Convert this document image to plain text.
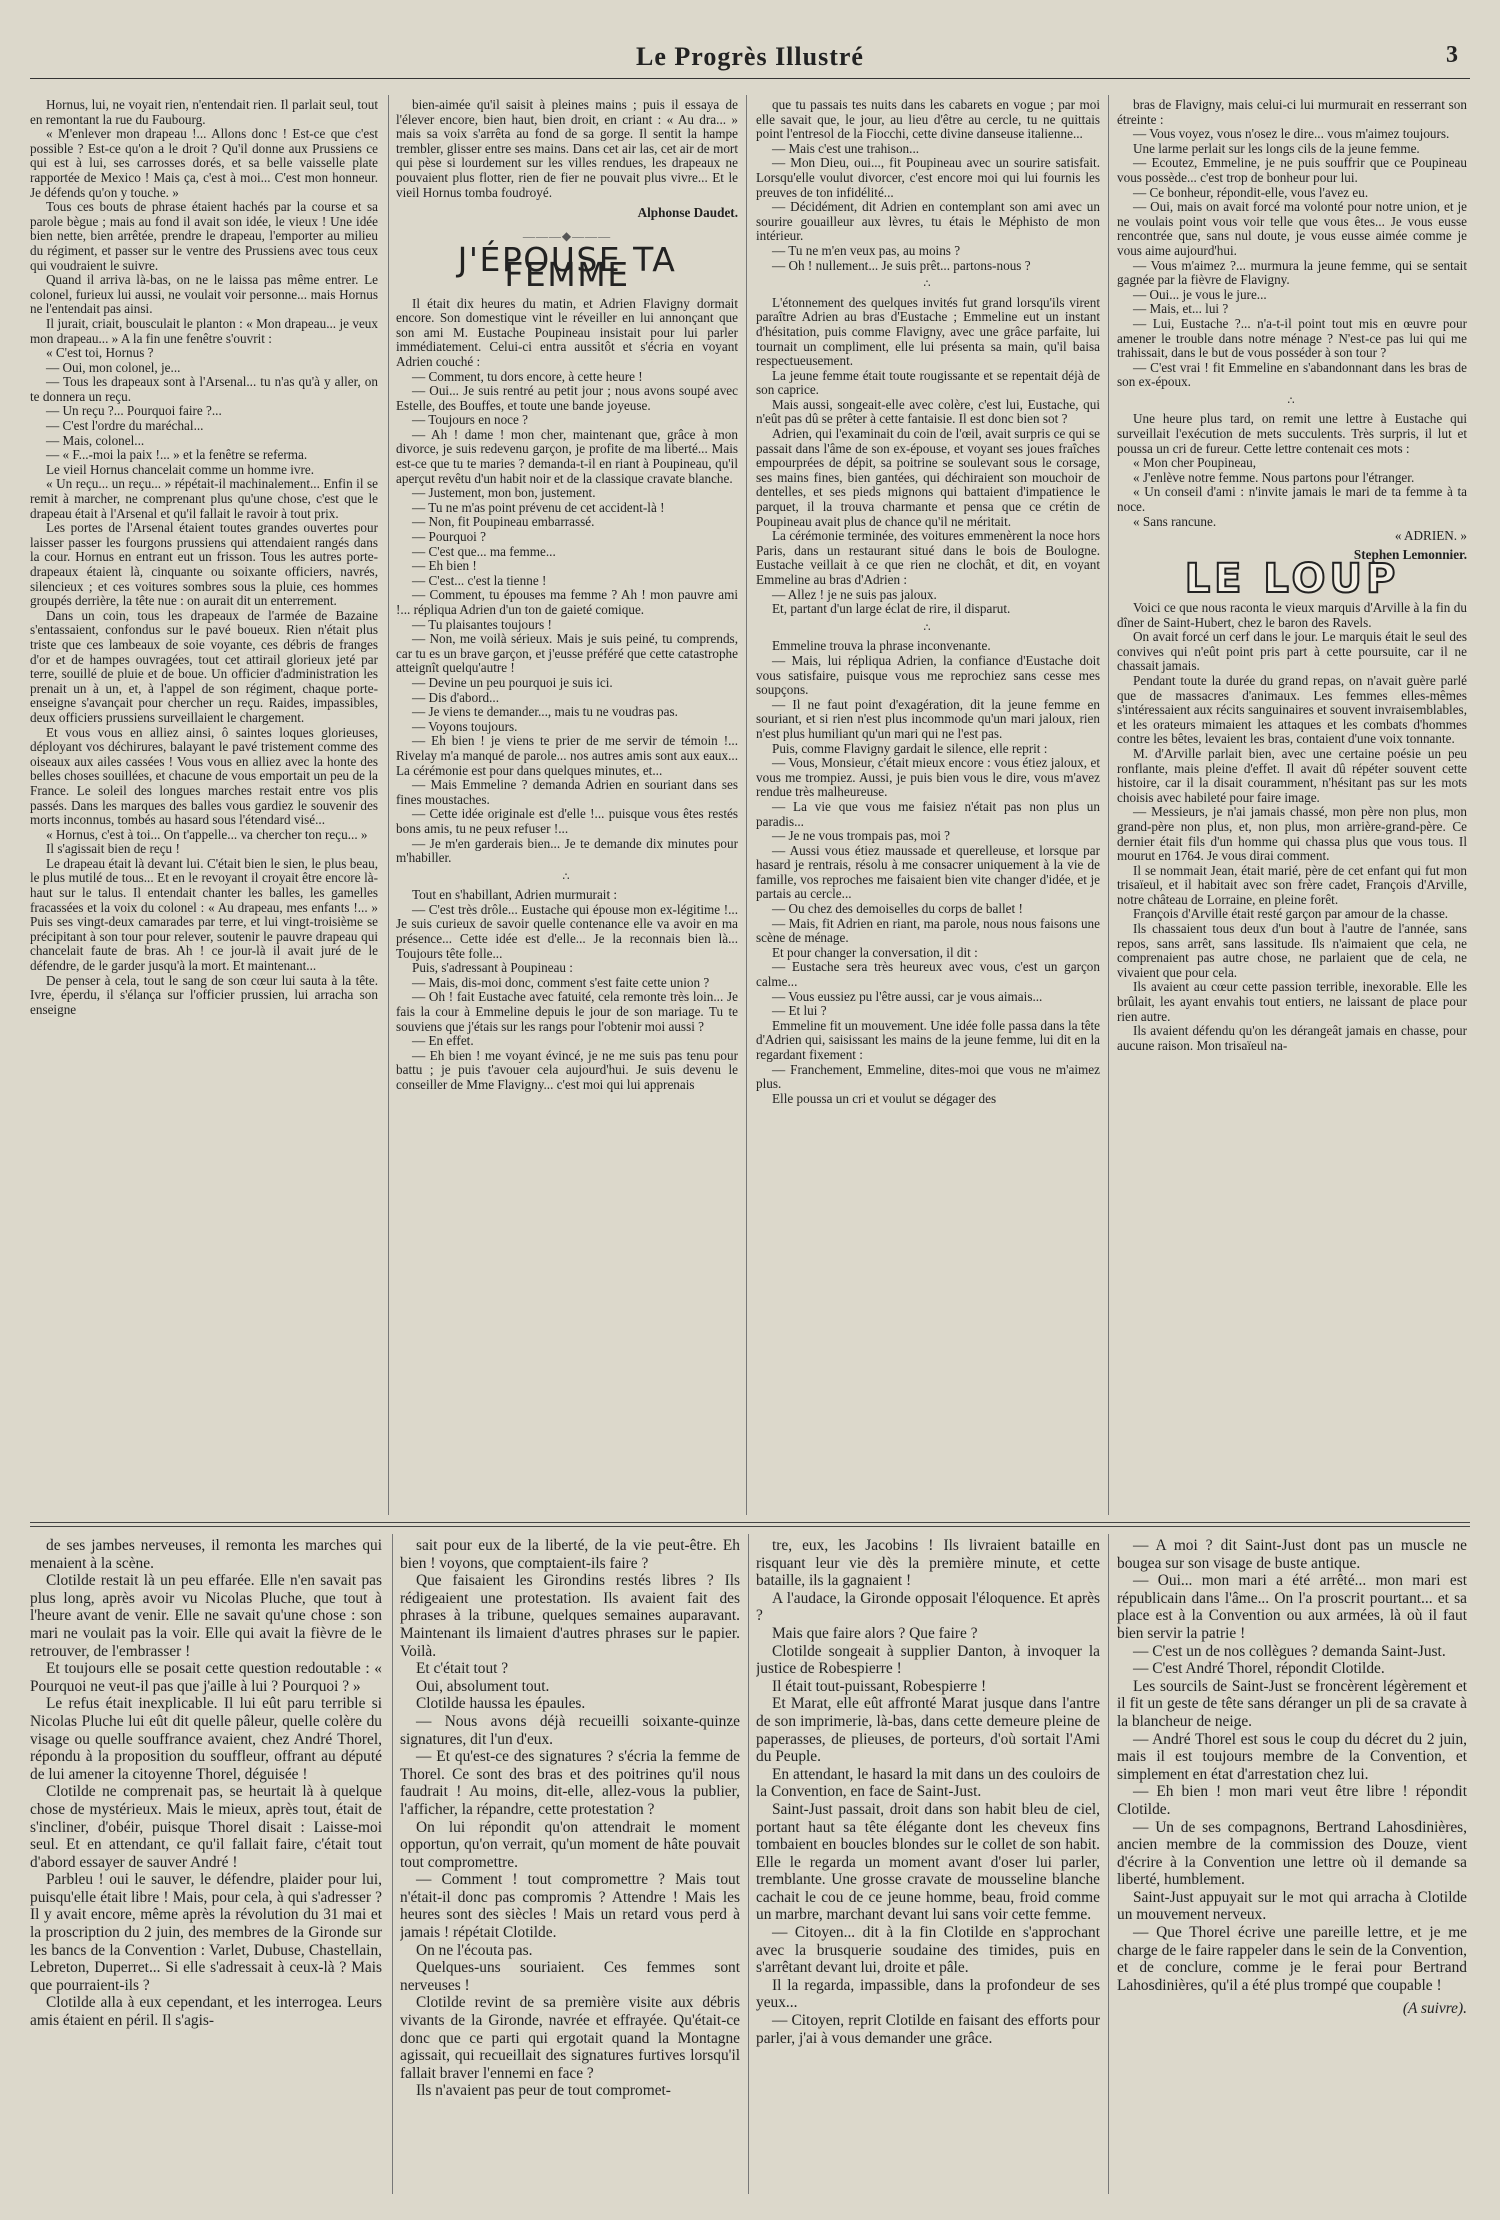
Le Progrès Illustré	3

Hornus, lui, ne voyait rien, n'entendait rien. Il parlait seul, tout en remontant la rue du Faubourg.

« M'enlever mon drapeau !... Allons donc ! Est-ce que c'est possible ? Est-ce qu'on a le droit ? Qu'il donne aux Prussiens ce qui est à lui, ses carrosses dorés, et sa belle vaisselle plate rapportée de Mexico ! Mais ça, c'est à moi... C'est mon honneur. Je défends qu'on y touche. »

Tous ces bouts de phrase étaient hachés par la course et sa parole bègue ; mais au fond il avait son idée, le vieux ! Une idée bien nette, bien arrêtée, prendre le drapeau, l'emporter au milieu du régiment, et passer sur le ventre des Prussiens avec tous ceux qui voudraient le suivre.

Quand il arriva là-bas, on ne le laissa pas même entrer. Le colonel, furieux lui aussi, ne voulait voir personne... mais Hornus ne l'entendait pas ainsi.

Il jurait, criait, bousculait le planton : « Mon drapeau... je veux mon drapeau... » A la fin une fenêtre s'ouvrit :

« C'est toi, Hornus ?

— Oui, mon colonel, je...

— Tous les drapeaux sont à l'Arsenal... tu n'as qu'à y aller, on te donnera un reçu.

— Un reçu ?... Pourquoi faire ?...

— C'est l'ordre du maréchal...

— Mais, colonel...

— « F...-moi la paix !... » et la fenêtre se referma.

Le vieil Hornus chancelait comme un homme ivre.

« Un reçu... un reçu... » répétait-il machinalement... Enfin il se remit à marcher, ne comprenant plus qu'une chose, c'est que le drapeau était à l'Arsenal et qu'il fallait le ravoir à tout prix.

Les portes de l'Arsenal étaient toutes grandes ouvertes pour laisser passer les fourgons prussiens qui attendaient rangés dans la cour. Hornus en entrant eut un frisson. Tous les autres porte-drapeaux étaient là, cinquante ou soixante officiers, navrés, silencieux ; et ces voitures sombres sous la pluie, ces hommes groupés derrière, la tête nue : on aurait dit un enterrement.

Dans un coin, tous les drapeaux de l'armée de Bazaine s'entassaient, confondus sur le pavé boueux. Rien n'était plus triste que ces lambeaux de soie voyante, ces débris de franges d'or et de hampes ouvragées, tout cet attirail glorieux jeté par terre, souillé de pluie et de boue. Un officier d'administration les prenait un à un, et, à l'appel de son régiment, chaque porte-enseigne s'avançait pour chercher un reçu. Raides, impassibles, deux officiers prussiens surveillaient le chargement.

Et vous vous en alliez ainsi, ô saintes loques glorieuses, déployant vos déchirures, balayant le pavé tristement comme des oiseaux aux ailes cassées ! Vous vous en alliez avec la honte des belles choses souillées, et chacune de vous emportait un peu de la France. Le soleil des longues marches restait entre vos plis passés. Dans les marques des balles vous gardiez le souvenir des morts inconnus, tombés au hasard sous l'étendard visé...

« Hornus, c'est à toi... On t'appelle... va chercher ton reçu... »

Il s'agissait bien de reçu !

Le drapeau était là devant lui. C'était bien le sien, le plus beau, le plus mutilé de tous... Et en le revoyant il croyait être encore là-haut sur le talus. Il entendait chanter les balles, les gamelles fracassées et la voix du colonel : « Au drapeau, mes enfants !... » Puis ses vingt-deux camarades par terre, et lui vingt-troisième se précipitant à son tour pour relever, soutenir le pauvre drapeau qui chancelait faute de bras. Ah ! ce jour-là il avait juré de le défendre, de le garder jusqu'à la mort. Et maintenant...

De penser à cela, tout le sang de son cœur lui sauta à la tête. Ivre, éperdu, il s'élança sur l'officier prussien, lui arracha son enseigne

bien-aimée qu'il saisit à pleines mains ; puis il essaya de l'élever encore, bien haut, bien droit, en criant : « Au dra... » mais sa voix s'arrêta au fond de sa gorge. Il sentit la hampe trembler, glisser entre ses mains. Dans cet air las, cet air de mort qui pèse si lourdement sur les villes rendues, les drapeaux ne pouvaient plus flotter, rien de fier ne pouvait plus vivre... Et le vieil Hornus tomba foudroyé.

Alphonse Daudet.

———◆———
J'ÉPOUSE TA FEMME

Il était dix heures du matin, et Adrien Flavigny dormait encore. Son domestique vint le réveiller en lui annonçant que son ami M. Eustache Poupineau insistait pour lui parler immédiatement. Celui-ci entra aussitôt et s'écria en voyant Adrien couché :

— Comment, tu dors encore, à cette heure !

— Oui... Je suis rentré au petit jour ; nous avons soupé avec Estelle, des Bouffes, et toute une bande joyeuse.

— Toujours en noce ?

— Ah ! dame ! mon cher, maintenant que, grâce à mon divorce, je suis redevenu garçon, je profite de ma liberté... Mais est-ce que tu te maries ? demanda-t-il en riant à Poupineau, qu'il aperçut revêtu d'un habit noir et de la classique cravate blanche.

— Justement, mon bon, justement.

— Tu ne m'as point prévenu de cet accident-là !

— Non, fit Poupineau embarrassé.

— Pourquoi ?

— C'est que... ma femme...

— Eh bien !

— C'est... c'est la tienne !

— Comment, tu épouses ma femme ? Ah ! mon pauvre ami !... répliqua Adrien d'un ton de gaieté comique.

— Tu plaisantes toujours !

— Non, me voilà sérieux. Mais je suis peiné, tu comprends, car tu es un brave garçon, et j'eusse préféré que cette catastrophe atteignît quelqu'autre !

— Devine un peu pourquoi je suis ici.

— Dis d'abord...

— Je viens te demander..., mais tu ne voudras pas.

— Voyons toujours.

— Eh bien ! je viens te prier de me servir de témoin !... Rivelay m'a manqué de parole... nos autres amis sont aux eaux... La cérémonie est pour dans quelques minutes, et...

— Mais Emmeline ? demanda Adrien en souriant dans ses fines moustaches.

— Cette idée originale est d'elle !... puisque vous êtes restés bons amis, tu ne peux refuser !...

— Je m'en garderais bien... Je te demande dix minutes pour m'habiller.

∴

Tout en s'habillant, Adrien murmurait :

— C'est très drôle... Eustache qui épouse mon ex-légitime !... Je suis curieux de savoir quelle contenance elle va avoir en ma présence... Cette idée est d'elle... Je la reconnais bien là... Toujours tête folle...

Puis, s'adressant à Poupineau :

— Mais, dis-moi donc, comment s'est faite cette union ?

— Oh ! fait Eustache avec fatuité, cela remonte très loin... Je fais la cour à Emmeline depuis le jour de son mariage. Tu te souviens que j'étais sur les rangs pour l'obtenir moi aussi ?

— En effet.

— Eh bien ! me voyant évincé, je ne me suis pas tenu pour battu ; je puis t'avouer cela aujourd'hui. Je suis devenu le conseiller de Mme Flavigny... c'est moi qui lui apprenais

que tu passais tes nuits dans les cabarets en vogue ; par moi elle savait que, le jour, au lieu d'être au cercle, tu ne quittais point l'entresol de la Fiocchi, cette divine danseuse italienne...

— Mais c'est une trahison...

— Mon Dieu, oui..., fit Poupineau avec un sourire satisfait. Lorsqu'elle voulut divorcer, c'est encore moi qui lui fournis les preuves de ton infidélité...

— Décidément, dit Adrien en contemplant son ami avec un sourire gouailleur aux lèvres, tu étais le Méphisto de mon intérieur.

— Tu ne m'en veux pas, au moins ?

— Oh ! nullement... Je suis prêt... partons-nous ?

∴

L'étonnement des quelques invités fut grand lorsqu'ils virent paraître Adrien au bras d'Eustache ; Emmeline eut un instant d'hésitation, puis comme Flavigny, avec une grâce parfaite, lui tournait un compliment, elle lui présenta sa main, qu'il baisa respectueusement.

La jeune femme était toute rougissante et se repentait déjà de son caprice.

Mais aussi, songeait-elle avec colère, c'est lui, Eustache, qui n'eût pas dû se prêter à cette fantaisie. Il est donc bien sot ?

Adrien, qui l'examinait du coin de l'œil, avait surpris ce qui se passait dans l'âme de son ex-épouse, et voyant ses joues fraîches empourprées de dépit, sa poitrine se soulevant sous le corsage, ses mains fines, bien gantées, qui déchiraient son mouchoir de dentelles, et ses pieds mignons qui battaient d'impatience le parquet, il la trouva charmante et pensa que ce crétin de Poupineau avait plus de chance qu'il ne méritait.

La cérémonie terminée, des voitures emmenèrent la noce hors Paris, dans un restaurant situé dans le bois de Boulogne. Eustache veillait à ce que rien ne clochât, et dit, en voyant Emmeline au bras d'Adrien :

— Allez ! je ne suis pas jaloux.

Et, partant d'un large éclat de rire, il disparut.

∴

Emmeline trouva la phrase inconvenante.

— Mais, lui répliqua Adrien, la confiance d'Eustache doit vous satisfaire, puisque vous me reprochiez sans cesse mes soupçons.

— Il ne faut point d'exagération, dit la jeune femme en souriant, et si rien n'est plus incommode qu'un mari jaloux, rien n'est plus humiliant qu'un mari qui ne l'est pas.

Puis, comme Flavigny gardait le silence, elle reprit :

— Vous, Monsieur, c'était mieux encore : vous étiez jaloux, et vous me trompiez. Aussi, je puis bien vous le dire, vous m'avez rendue très malheureuse.

— La vie que vous me faisiez n'était pas non plus un paradis...

— Je ne vous trompais pas, moi ?

— Aussi vous étiez maussade et querelleuse, et lorsque par hasard je rentrais, résolu à me consacrer uniquement à la vie de famille, vos reproches me faisaient bien vite changer d'idée, et je partais au cercle...

— Ou chez des demoiselles du corps de ballet !

— Mais, fit Adrien en riant, ma parole, nous nous faisons une scène de ménage.

Et pour changer la conversation, il dit :

— Eustache sera très heureux avec vous, c'est un garçon calme...

— Vous eussiez pu l'être aussi, car je vous aimais...

— Et lui ?

Emmeline fit un mouvement. Une idée folle passa dans la tête d'Adrien qui, saisissant les mains de la jeune femme, lui dit en la regardant fixement :

— Franchement, Emmeline, dites-moi que vous ne m'aimez plus.

Elle poussa un cri et voulut se dégager des

bras de Flavigny, mais celui-ci lui murmurait en resserrant son étreinte :

— Vous voyez, vous n'osez le dire... vous m'aimez toujours.

Une larme perlait sur les longs cils de la jeune femme.

— Ecoutez, Emmeline, je ne puis souffrir que ce Poupineau vous possède... c'est trop de bonheur pour lui.

— Ce bonheur, répondit-elle, vous l'avez eu.

— Oui, mais on avait forcé ma volonté pour notre union, et je ne voulais point vous voir telle que vous êtes... Je vous eusse rencontrée que, sans nul doute, je vous eusse aimée comme je vous aime aujourd'hui.

— Vous m'aimez ?... murmura la jeune femme, qui se sentait gagnée par la fièvre de Flavigny.

— Oui... je vous le jure...

— Mais, et... lui ?

— Lui, Eustache ?... n'a-t-il point tout mis en œuvre pour amener le trouble dans notre ménage ? N'est-ce pas lui qui me trahissait, dans le but de vous posséder à son tour ?

— C'est vrai ! fit Emmeline en s'abandonnant dans les bras de son ex-époux.

∴

Une heure plus tard, on remit une lettre à Eustache qui surveillait l'exécution de mets succulents. Très surpris, il lut et poussa un cri de fureur. Cette lettre contenait ces mots :

« Mon cher Poupineau,

« J'enlève notre femme. Nous partons pour l'étranger.

« Un conseil d'ami : n'invite jamais le mari de ta femme à ta noce.

« Sans rancune.

« ADRIEN. »

Stephen Lemonnier.

LE LOUP

Voici ce que nous raconta le vieux marquis d'Arville à la fin du dîner de Saint-Hubert, chez le baron des Ravels.

On avait forcé un cerf dans le jour. Le marquis était le seul des convives qui n'eût point pris part à cette poursuite, car il ne chassait jamais.

Pendant toute la durée du grand repas, on n'avait guère parlé que de massacres d'animaux. Les femmes elles-mêmes s'intéressaient aux récits sanguinaires et souvent invraisemblables, et les orateurs mimaient les attaques et les combats d'hommes contre les bêtes, levaient les bras, contaient d'une voix tonnante.

M. d'Arville parlait bien, avec une certaine poésie un peu ronflante, mais pleine d'effet. Il avait dû répéter souvent cette histoire, car il la disait couramment, n'hésitant pas sur les mots choisis avec habileté pour faire image.

— Messieurs, je n'ai jamais chassé, mon père non plus, mon grand-père non plus, et, non plus, mon arrière-grand-père. Ce dernier était fils d'un homme qui chassa plus que vous tous. Il mourut en 1764. Je vous dirai comment.

Il se nommait Jean, était marié, père de cet enfant qui fut mon trisaïeul, et il habitait avec son frère cadet, François d'Arville, notre château de Lorraine, en pleine forêt.

François d'Arville était resté garçon par amour de la chasse.

Ils chassaient tous deux d'un bout à l'autre de l'année, sans repos, sans arrêt, sans lassitude. Ils n'aimaient que cela, ne comprenaient pas autre chose, ne parlaient que de cela, ne vivaient que pour cela.

Ils avaient au cœur cette passion terrible, inexorable. Elle les brûlait, les ayant envahis tout entiers, ne laissant de place pour rien autre.

Ils avaient défendu qu'on les dérangeât jamais en chasse, pour aucune raison. Mon trisaïeul na-

de ses jambes nerveuses, il remonta les marches qui menaient à la scène.

Clotilde restait là un peu effarée. Elle n'en savait pas plus long, après avoir vu Nicolas Pluche, que tout à l'heure avant de venir. Elle ne savait qu'une chose : son mari ne voulait pas la voir. Elle qui avait la fièvre de le retrouver, de l'embrasser !

Et toujours elle se posait cette question redoutable : « Pourquoi ne veut-il pas que j'aille à lui ? Pourquoi ? »

Le refus était inexplicable. Il lui eût paru terrible si Nicolas Pluche lui eût dit quelle pâleur, quelle colère du visage ou quelle souffrance avaient, chez André Thorel, répondu à la proposition du souffleur, offrant au député de lui amener la citoyenne Thorel, déguisée !

Clotilde ne comprenait pas, se heurtait là à quelque chose de mystérieux. Mais le mieux, après tout, était de s'incliner, d'obéir, puisque Thorel disait : Laisse-moi seul. Et en attendant, ce qu'il fallait faire, c'était tout d'abord essayer de sauver André !

Parbleu ! oui le sauver, le défendre, plaider pour lui, puisqu'elle était libre ! Mais, pour cela, à qui s'adresser ? Il y avait encore, même après la révolution du 31 mai et la proscription du 2 juin, des membres de la Gironde sur les bancs de la Convention : Varlet, Dubuse, Chastellain, Lebreton, Duperret... Si elle s'adressait à ceux-là ? Mais que pourraient-ils ?

Clotilde alla à eux cependant, et les interrogea. Leurs amis étaient en péril. Il s'agis-

sait pour eux de la liberté, de la vie peut-être. Eh bien ! voyons, que comptaient-ils faire ?

Que faisaient les Girondins restés libres ? Ils rédigeaient une protestation. Ils avaient fait des phrases à la tribune, quelques semaines auparavant. Maintenant ils limaient d'autres phrases sur le papier. Voilà.

Et c'était tout ?

Oui, absolument tout.

Clotilde haussa les épaules.

— Nous avons déjà recueilli soixante-quinze signatures, dit l'un d'eux.

— Et qu'est-ce des signatures ? s'écria la femme de Thorel. Ce sont des bras et des poitrines qu'il nous faudrait ! Au moins, dit-elle, allez-vous la publier, l'afficher, la répandre, cette protestation ?

On lui répondit qu'on attendrait le moment opportun, qu'on verrait, qu'un moment de hâte pouvait tout compromettre.

— Comment ! tout compromettre ? Mais tout n'était-il donc pas compromis ? Attendre ! Mais les heures sont des siècles ! Mais un retard vous perd à jamais ! répétait Clotilde.

On ne l'écouta pas.

Quelques-uns souriaient. Ces femmes sont nerveuses !

Clotilde revint de sa première visite aux débris vivants de la Gironde, navrée et effrayée. Qu'était-ce donc que ce parti qui ergotait quand la Montagne agissait, qui recueillait des signatures furtives lorsqu'il fallait braver l'ennemi en face ?

Ils n'avaient pas peur de tout compromet-

tre, eux, les Jacobins ! Ils livraient bataille en risquant leur vie dès la première minute, et cette bataille, ils la gagnaient !

A l'audace, la Gironde opposait l'éloquence. Et après ?

Mais que faire alors ? Que faire ?

Clotilde songeait à supplier Danton, à invoquer la justice de Robespierre !

Il était tout-puissant, Robespierre !

Et Marat, elle eût affronté Marat jusque dans l'antre de son imprimerie, là-bas, dans cette demeure pleine de paperasses, de plieuses, de porteurs, d'où sortait l'Ami du Peuple.

En attendant, le hasard la mit dans un des couloirs de la Convention, en face de Saint-Just.

Saint-Just passait, droit dans son habit bleu de ciel, portant haut sa tête élégante dont les cheveux fins tombaient en boucles blondes sur le collet de son habit. Elle le regarda un moment avant d'oser lui parler, tremblante. Une grosse cravate de mousseline blanche cachait le cou de ce jeune homme, beau, froid comme un marbre, marchant devant lui sans voir cette femme.

— Citoyen... dit à la fin Clotilde en s'approchant avec la brusquerie soudaine des timides, puis en s'arrêtant devant lui, droite et pâle.

Il la regarda, impassible, dans la profondeur de ses yeux...

— Citoyen, reprit Clotilde en faisant des efforts pour parler, j'ai à vous demander une grâce.

— A moi ? dit Saint-Just dont pas un muscle ne bougea sur son visage de buste antique.

— Oui... mon mari a été arrêté... mon mari est républicain dans l'âme... On l'a proscrit pourtant... et sa place est à la Convention ou aux armées, là où il faut bien servir la patrie !

— C'est un de nos collègues ? demanda Saint-Just.

— C'est André Thorel, répondit Clotilde.

Les sourcils de Saint-Just se froncèrent légèrement et il fit un geste de tête sans déranger un pli de sa cravate à la blancheur de neige.

— André Thorel est sous le coup du décret du 2 juin, mais il est toujours membre de la Convention, et simplement en état d'arrestation chez lui.

— Eh bien ! mon mari veut être libre ! répondit Clotilde.

— Un de ses compagnons, Bertrand Lahosdinières, ancien membre de la commission des Douze, vient d'écrire à la Convention une lettre où il demande sa liberté, humblement.

Saint-Just appuyait sur le mot qui arracha à Clotilde un mouvement nerveux.

— Que Thorel écrive une pareille lettre, et je me charge de le faire rappeler dans le sein de la Convention, et de conclure, comme je le ferai pour Bertrand Lahosdinières, qu'il a été plus trompé que coupable !

(A suivre).
